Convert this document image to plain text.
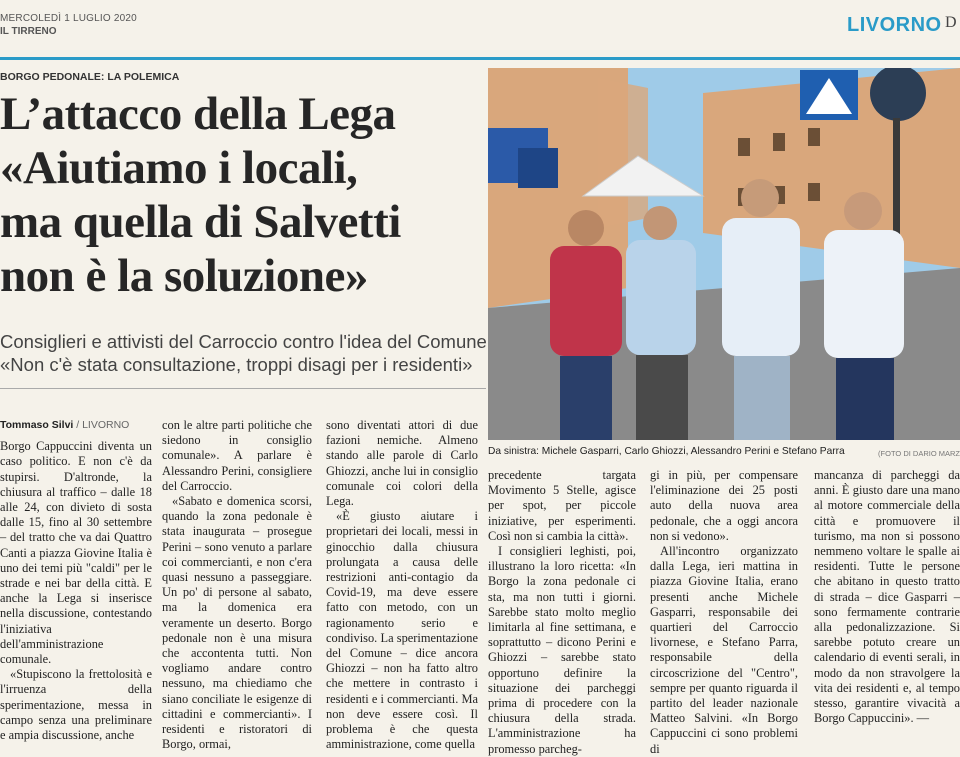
MERCOLEDÌ 1 LUGLIO 2020
IL TIRRENO	LIVORNO D
BORGO PEDONALE: LA POLEMICA
L’attacco della Lega
«Aiutiamo i locali,
ma quella di Salvetti
non è la soluzione»
Consiglieri e attivisti del Carroccio contro l'idea del Comune
«Non c'è stata consultazione, troppi disagi per i residenti»
Tommaso Silvi / LIVORNO

Borgo Cappuccini diventa un caso politico. E non c'è da stupirsi. D'altronde, la chiusura al traffico – dalle 18 alle 24, con divieto di sosta dalle 15, fino al 30 settembre – del tratto che va dai Quattro Canti a piazza Giovine Italia è uno dei temi più "caldi" per le strade e nei bar della città. E anche la Lega si inserisce nella discussione, contestando l'iniziativa dell'amministrazione comunale.

«Stupiscono la frettolosità e l'irruenza della sperimentazione, messa in campo senza una preliminare e ampia discussione, anche

con le altre parti politiche che siedono in consiglio comunale». A parlare è Alessandro Perini, consigliere del Carroccio.

«Sabato e domenica scorsi, quando la zona pedonale è stata inaugurata – prosegue Perini – sono venuto a parlare coi commercianti, e non c'era quasi nessuno a passeggiare. Un po' di persone al sabato, ma la domenica era veramente un deserto. Borgo pedonale non è una misura che accontenta tutti. Non vogliamo andare contro nessuno, ma chiediamo che siano conciliate le esigenze di cittadini e commercianti». I residenti e ristoratori di Borgo, ormai,

sono diventati attori di due fazioni nemiche. Almeno stando alle parole di Carlo Ghiozzi, anche lui in consiglio comunale coi colori della Lega.

«È giusto aiutare i proprietari dei locali, messi in ginocchio dalla chiusura prolungata a causa delle restrizioni anti-contagio da Covid-19, ma deve essere fatto con metodo, con un ragionamento serio e condiviso. La sperimentazione del Comune – dice ancora Ghiozzi – non ha fatto altro che mettere in contrasto i residenti e i commercianti. Ma non deve essere così. Il problema è che questa amministrazione, come quella

precedente targata Movimento 5 Stelle, agisce per spot, per piccole iniziative, per esperimenti. Così non si cambia la città».

I consiglieri leghisti, poi, illustrano la loro ricetta: «In Borgo la zona pedonale ci sta, ma non tutti i giorni. Sarebbe stato molto meglio limitarla al fine settimana, e soprattutto – dicono Perini e Ghiozzi – sarebbe stato opportuno definire la situazione dei parcheggi prima di procedere con la chiusura della strada. L'amministrazione ha promesso parcheg-

gi in più, per compensare l'eliminazione dei 25 posti auto della nuova area pedonale, che a oggi ancora non si vedono».

All'incontro organizzato dalla Lega, ieri mattina in piazza Giovine Italia, erano presenti anche Michele Gasparri, responsabile dei quartieri del Carroccio livornese, e Stefano Parra, responsabile della circoscrizione del "Centro", sempre per quanto riguarda il partito del leader nazionale Matteo Salvini. «In Borgo Cappuccini ci sono problemi di

mancanza di parcheggi da anni. È giusto dare una mano al motore commerciale della città e promuovere il turismo, ma non si possono nemmeno voltare le spalle ai residenti. Tutte le persone che abitano in questo tratto di strada – dice Gasparri – sono fermamente contrarie alla pedonalizzazione. Si sarebbe potuto creare un calendario di eventi serali, in modo da non stravolgere la vita dei residenti e, al tempo stesso, garantire vivacità a Borgo Cappuccini». —

Da sinistra: Michele Gasparri, Carlo Ghiozzi, Alessandro Perini e Stefano Parra	(FOTO DI DARIO MARZ
